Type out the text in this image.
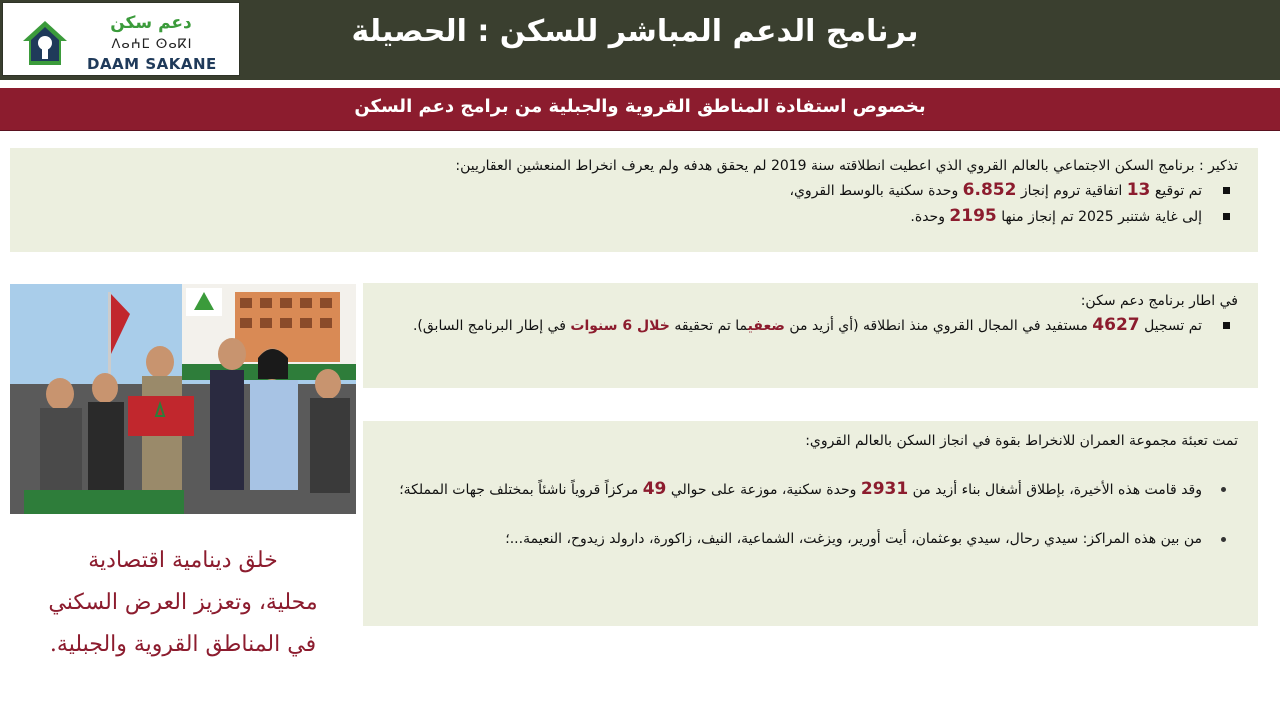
دعم سكن
ⴷⴰⵄⵎ ⵙⴰⴽⵏ
DAAM SAKANE
برنامج الدعم المباشر للسكن : الحصيلة
بخصوص استفادة المناطق القروية والجبلية من برامج دعم السكن
تذكير : برنامج السكن الاجتماعي بالعالم القروي الذي اعطيت انطلاقته سنة 2019 لم يحقق هدفه ولم يعرف انخراط المنعشين العقاريين:
تم توقيع 13 اتفاقية تروم إنجاز 6.852 وحدة سكنية بالوسط القروي،
إلى غاية شتنبر 2025 تم إنجاز منها 2195 وحدة.
خلق دينامية اقتصادية
محلية، وتعزيز العرض السكني
في المناطق القروية والجبلية.
في اطار برنامج دعم سكن:
تم تسجيل 4627 مستفيد في المجال القروي منذ انطلاقه (أي أزيد من ضعفيما تم تحقيقه خلال 6 سنوات في إطار البرنامج السابق).
تمت تعبئة مجموعة العمران للانخراط بقوة في انجاز السكن بالعالم القروي:
وقد قامت هذه الأخيرة، بإطلاق أشغال بناء أزيد من 2931 وحدة سكنية، موزعة على حوالي 49 مركزاً قروياً ناشئاً بمختلف جهات المملكة؛
من بين هذه المراكز: سيدي رحال، سيدي بوعثمان، أيت أورير، ويزغت، الشماعية، النيف، زاكورة، دارولد زيدوح، النعيمة...؛
